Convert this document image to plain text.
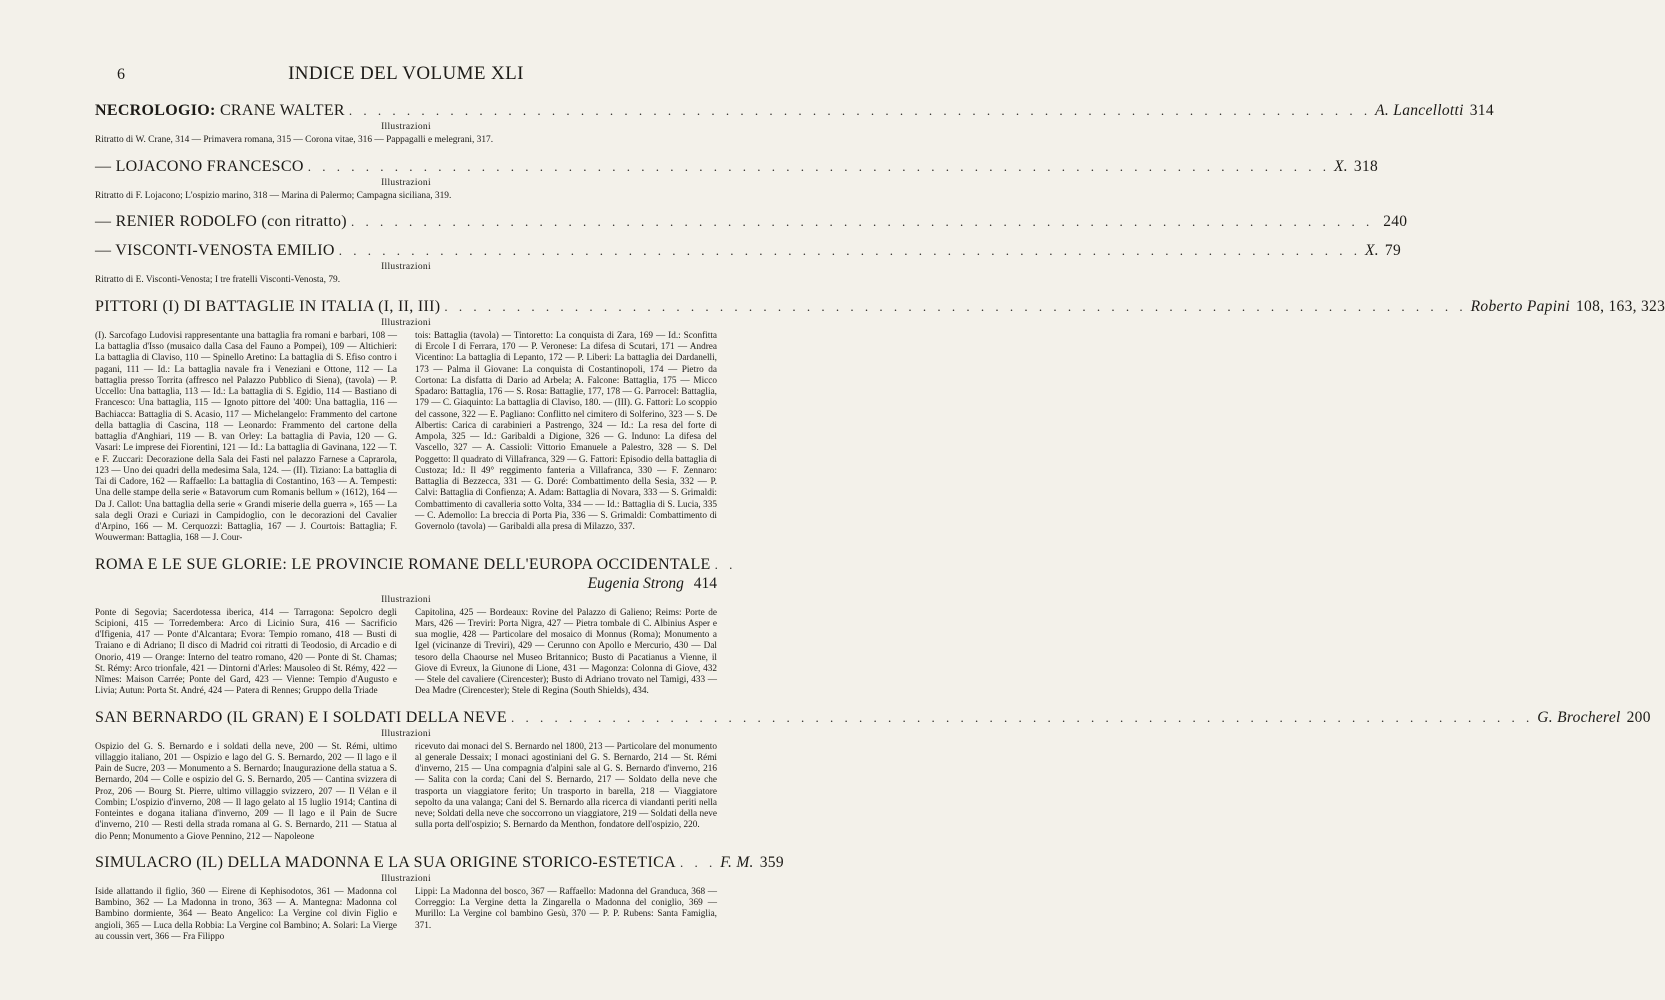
6	INDICE DEL VOLUME XLI
NECROLOGIO: CRANE WALTER . . . . . . . . . . . . . . . . . . . . . . . . . . . . . . . . . . . . . . . . . . . . . . . . . . . . . . . . . . . . . . . . . . . . . . . A. Lancellotti 314
Illustrazioni
Ritratto di W. Crane, 314 — Primavera romana, 315 — Corona vitae, 316 — Pappagalli e melegrani, 317.
— LOJACONO FRANCESCO . . . . . . . . . . . . . . . . . . . . . . . . . . . . . . . . . . . . . . . . . . . . . . . . . . . . . . . . . . . . . . . . . . . . . . . X. 318
Illustrazioni
Ritratto di F. Lojacono; L'ospizio marino, 318 — Marina di Palermo; Campagna siciliana, 319.
— RENIER RODOLFO (con ritratto) . . . . . . . . . . . . . . . . . . . . . . . . . . . . . . . . . . . . . . . . . . . . . . . . . . . . . . . . . . . . . . . . . . . . . . . 240
— VISCONTI-VENOSTA EMILIO . . . . . . . . . . . . . . . . . . . . . . . . . . . . . . . . . . . . . . . . . . . . . . . . . . . . . . . . . . . . . . . . . . . . . . . X. 79
Illustrazioni
Ritratto di E. Visconti-Venosta; I tre fratelli Visconti-Venosta, 79.
PITTORI (I) DI BATTAGLIE IN ITALIA (I, II, III) . . . . . . . . . . . . . . . . . . . . . . . . . . . . . . . . . . . . . . . . . . . . . . . . . . . . . . . . . . . . . . . . . . . . . . . Roberto Papini 108, 163, 323
Illustrazioni

(I). Sarcofago Ludovisi rappresentante una battaglia fra romani e barbari, 108 — La battaglia d'Isso (musaico dalla Casa del Fauno a Pompei), 109 — Altichieri: La battaglia di Claviso, 110 — Spinello Aretino: La battaglia di S. Efiso contro i pagani, 111 — Id.: La battaglia navale fra i Veneziani e Ottone, 112 — La battaglia presso Torrita (affresco nel Palazzo Pubblico di Siena), (tavola) — P. Uccello: Una battaglia, 113 — Id.: La battaglia di S. Egidio, 114 — Bastiano di Francesco: Una battaglia, 115 — Ignoto pittore del '400: Una battaglia, 116 — Bachiacca: Battaglia di S. Acasio, 117 — Michelangelo: Frammento del cartone della battaglia di Cascina, 118 — Leonardo: Frammento del cartone della battaglia d'Anghiari, 119 — B. van Orley: La battaglia di Pavia, 120 — G. Vasari: Le imprese dei Fiorentini, 121 — Id.: La battaglia di Gavinana, 122 — T. e F. Zuccari: Decorazione della Sala dei Fasti nel palazzo Farnese a Caprarola, 123 — Uno dei quadri della medesima Sala, 124. — (II). Tiziano: La battaglia di Tai di Cadore, 162 — Raffaello: La battaglia di Costantino, 163 — A. Tempesti: Una delle stampe della serie « Batavorum cum Romanis bellum » (1612), 164 — Da J. Callot: Una battaglia della serie « Grandi miserie della guerra », 165 — La sala degli Orazi e Curiazi in Campidoglio, con le decorazioni del Cavalier d'Arpino, 166 — M. Cerquozzi: Battaglia, 167 — J. Courtois: Battaglia; F. Wouwerman: Battaglia, 168 — J. Cour-

tois: Battaglia (tavola) — Tintoretto: La conquista di Zara, 169 — Id.: Sconfitta di Ercole I di Ferrara, 170 — P. Veronese: La difesa di Scutari, 171 — Andrea Vicentino: La battaglia di Lepanto, 172 — P. Liberi: La battaglia dei Dardanelli, 173 — Palma il Giovane: La conquista di Costantinopoli, 174 — Pietro da Cortona: La disfatta di Dario ad Arbela; A. Falcone: Battaglia, 175 — Micco Spadaro: Battaglia, 176 — S. Rosa: Battaglie, 177, 178 — G. Parrocel: Battaglia, 179 — C. Giaquinto: La battaglia di Claviso, 180. — (III). G. Fattori: Lo scoppio del cassone, 322 — E. Pagliano: Conflitto nel cimitero di Solferino, 323 — S. De Albertis: Carica di carabinieri a Pastrengo, 324 — Id.: La resa del forte di Ampola, 325 — Id.: Garibaldi a Digione, 326 — G. Induno: La difesa del Vascello, 327 — A. Cassioli: Vittorio Emanuele a Palestro, 328 — S. Del Poggetto: Il quadrato di Villafranca, 329 — G. Fattori: Episodio della battaglia di Custoza; Id.: Il 49° reggimento fanteria a Villafranca, 330 — F. Zennaro: Battaglia di Bezzecca, 331 — G. Doré: Combattimento della Sesia, 332 — P. Calvi: Battaglia di Confienza; A. Adam: Battaglia di Novara, 333 — S. Grimaldi: Combattimento di cavalleria sotto Volta, 334 — — Id.: Battaglia di S. Lucia, 335 — C. Ademollo: La breccia di Porta Pia, 336 — S. Grimaldi: Combattimento di Governolo (tavola) — Garibaldi alla presa di Milazzo, 337.

ROMA E LE SUE GLORIE: LE PROVINCIE ROMANE DELL'EUROPA OCCIDENTALE . .
Eugenia Strong 414
Illustrazioni

Ponte di Segovia; Sacerdotessa iberica, 414 — Tarragona: Sepolcro degli Scipioni, 415 — Torredembera: Arco di Licinio Sura, 416 — Sacrificio d'Ifigenia, 417 — Ponte d'Alcantara; Evora: Tempio romano, 418 — Busti di Traiano e di Adriano; Il disco di Madrid coi ritratti di Teodosio, di Arcadio e di Onorio, 419 — Orange: Interno del teatro romano, 420 — Ponte di St. Chamas; St. Rémy: Arco trionfale, 421 — Dintorni d'Arles: Mausoleo di St. Rémy, 422 — Nîmes: Maison Carrée; Ponte del Gard, 423 — Vienne: Tempio d'Augusto e Livia; Autun: Porta St. André, 424 — Patera di Rennes; Gruppo della Triade

Capitolina, 425 — Bordeaux: Rovine del Palazzo di Galieno; Reims: Porte de Mars, 426 — Treviri: Porta Nigra, 427 — Pietra tombale di C. Albinius Asper e sua moglie, 428 — Particolare del mosaico di Monnus (Roma); Monumento a Igel (vicinanze di Treviri), 429 — Cerunno con Apollo e Mercurio, 430 — Dal tesoro della Chaourse nel Museo Britannico; Busto di Pacatianus a Vienne, il Giove di Evreux, la Giunone di Lione, 431 — Magonza: Colonna di Giove, 432 — Stele del cavaliere (Cirencester); Busto di Adriano trovato nel Tamigi, 433 — Dea Madre (Cirencester); Stele di Regina (South Shields), 434.

SAN BERNARDO (IL GRAN) E I SOLDATI DELLA NEVE . . . . . . . . . . . . . . . . . . . . . . . . . . . . . . . . . . . . . . . . . . . . . . . . . . . . . . . . . . . . . . . . . . . . . . . G. Brocherel 200
Illustrazioni

Ospizio del G. S. Bernardo e i soldati della neve, 200 — St. Rémi, ultimo villaggio italiano, 201 — Ospizio e lago del G. S. Bernardo, 202 — Il lago e il Pain de Sucre, 203 — Monumento a S. Bernardo; Inaugurazione della statua a S. Bernardo, 204 — Colle e ospizio del G. S. Bernardo, 205 — Cantina svizzera di Proz, 206 — Bourg St. Pierre, ultimo villaggio svizzero, 207 — Il Vélan e il Combin; L'ospizio d'inverno, 208 — Il lago gelato al 15 luglio 1914; Cantina di Fonteintes e dogana italiana d'inverno, 209 — Il lago e il Pain de Sucre d'inverno, 210 — Resti della strada romana al G. S. Bernardo, 211 — Statua al dio Penn; Monumento a Giove Pennino, 212 — Napoleone

ricevuto dai monaci del S. Bernardo nel 1800, 213 — Particolare del monumento al generale Dessaix; I monaci agostiniani del G. S. Bernardo, 214 — St. Rémi d'inverno, 215 — Una compagnia d'alpini sale al G. S. Bernardo d'inverno, 216 — Salita con la corda; Cani del S. Bernardo, 217 — Soldato della neve che trasporta un viaggiatore ferito; Un trasporto in barella, 218 — Viaggiatore sepolto da una valanga; Cani del S. Bernardo alla ricerca di viandanti periti nella neve; Soldati della neve che soccorrono un viaggiatore, 219 — Soldati della neve sulla porta dell'ospizio; S. Bernardo da Menthon, fondatore dell'ospizio, 220.

SIMULACRO (IL) DELLA MADONNA E LA SUA ORIGINE STORICO-ESTETICA . . . F. M. 359
Illustrazioni

Iside allattando il figlio, 360 — Eirene di Kephisodotos, 361 — Madonna col Bambino, 362 — La Madonna in trono, 363 — A. Mantegna: Madonna col Bambino dormiente, 364 — Beato Angelico: La Vergine col divin Figlio e angioli, 365 — Luca della Robbia: La Vergine col Bambino; A. Solari: La Vierge au coussin vert, 366 — Fra Filippo

Lippi: La Madonna del bosco, 367 — Raffaello: Madonna del Granduca, 368 — Correggio: La Vergine detta la Zingarella o Madonna del coniglio, 369 — Murillo: La Vergine col bambino Gesù, 370 — P. P. Rubens: Santa Famiglia, 371.
